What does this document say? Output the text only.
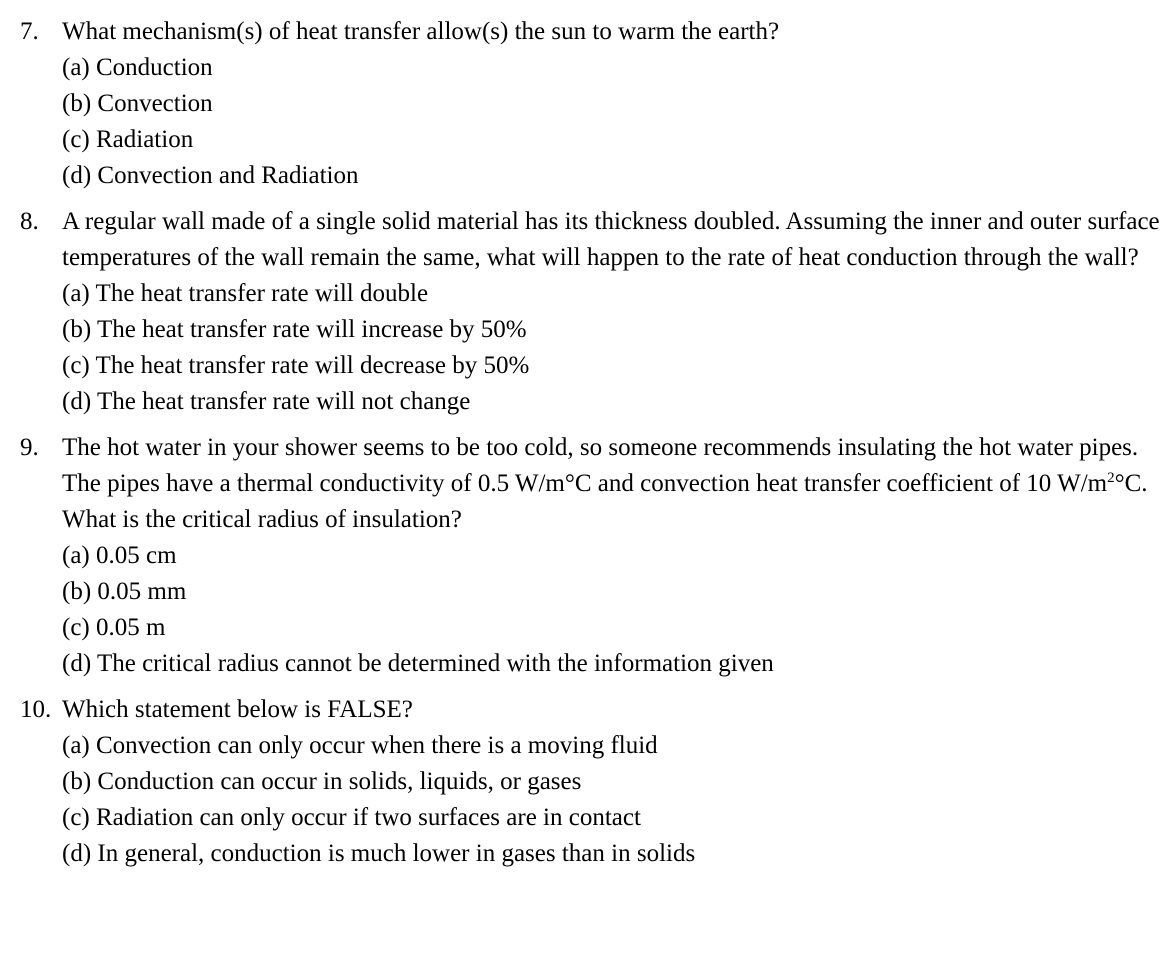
7. What mechanism(s) of heat transfer allow(s) the sun to warm the earth?
(a) Conduction
(b) Convection
(c) Radiation
(d) Convection and Radiation
8. A regular wall made of a single solid material has its thickness doubled. Assuming the inner and outer surface temperatures of the wall remain the same, what will happen to the rate of heat conduction through the wall?
(a) The heat transfer rate will double
(b) The heat transfer rate will increase by 50%
(c) The heat transfer rate will decrease by 50%
(d) The heat transfer rate will not change
9. The hot water in your shower seems to be too cold, so someone recommends insulating the hot water pipes. The pipes have a thermal conductivity of 0.5 W/m°C and convection heat transfer coefficient of 10 $W/m^2^\circ C$. What is the critical radius of insulation?
(a) 0.05 cm
(b) 0.05 mm
(c) 0.05 m
(d) The critical radius cannot be determined with the information given
10. Which statement below is FALSE?
(a) Convection can only occur when there is a moving fluid
(b) Conduction can occur in solids, liquids, or gases
(c) Radiation can only occur if two surfaces are in contact
(d) In general, conduction is much lower in gases than in solids
